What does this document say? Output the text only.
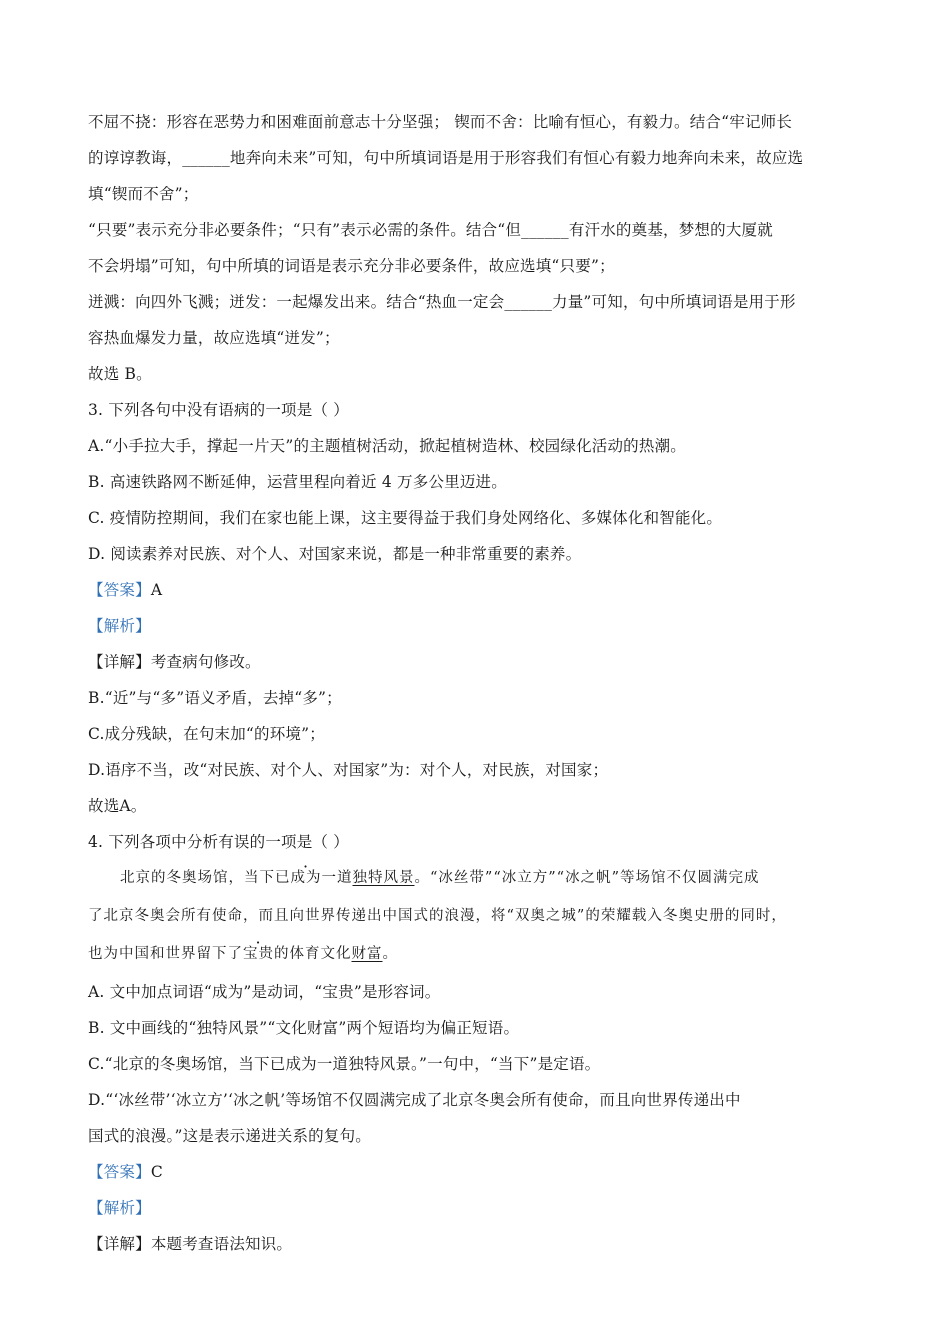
不屈不挠：形容在恶势力和困难面前意志十分坚强； 锲而不舍：比喻有恒心，有毅力。结合“牢记师长
的谆谆教诲，______地奔向未来”可知，句中所填词语是用于形容我们有恒心有毅力地奔向未来，故应选
填“锲而不舍”；
“只要”表示充分非必要条件；“只有”表示必需的条件。结合“但______有汗水的奠基，梦想的大厦就
不会坍塌”可知，句中所填的词语是表示充分非必要条件，故应选填“只要”；
迸溅：向四外飞溅；迸发：一起爆发出来。结合“热血一定会______力量”可知，句中所填词语是用于形
容热血爆发力量，故应选填“迸发”；
故选 B。
3. 下列各句中没有语病的一项是（ ）
A.“小手拉大手，撑起一片天”的主题植树活动，掀起植树造林、校园绿化活动的热潮。
B. 高速铁路网不断延伸，运营里程向着近 4 万多公里迈进。
C. 疫情防控期间，我们在家也能上课，这主要得益于我们身处网络化、多媒体化和智能化。
D. 阅读素养对民族、对个人、对国家来说，都是一种非常重要的素养。
【答案】A
【解析】
【详解】考查病句修改。
B.“近”与“多”语义矛盾，去掉“多”；
C.成分残缺，在句末加“的环境”；
D.语序不当，改“对民族、对个人、对国家”为：对个人，对民族，对国家；
故选A。
4. 下列各项中分析有误的一项是（ ）
北京的冬奥场馆，当下已成为一道独特风景。“冰丝带”“冰立方”“冰之帆”等场馆不仅圆满完成
了北京冬奥会所有使命，而且向世界传递出中国式的浪漫，将“双奥之城”的荣耀载入冬奥史册的同时，
也为中国和世界留下了宝贵的体育文化财富。
A. 文中加点词语“成为”是动词，“宝贵”是形容词。
B. 文中画线的“独特风景”“文化财富”两个短语均为偏正短语。
C.“北京的冬奥场馆，当下已成为一道独特风景。”一句中，“当下”是定语。
D.“‘冰丝带’‘冰立方’‘冰之帆’等场馆不仅圆满完成了北京冬奥会所有使命，而且向世界传递出中
国式的浪漫。”这是表示递进关系的复句。
【答案】C
【解析】
【详解】本题考查语法知识。
